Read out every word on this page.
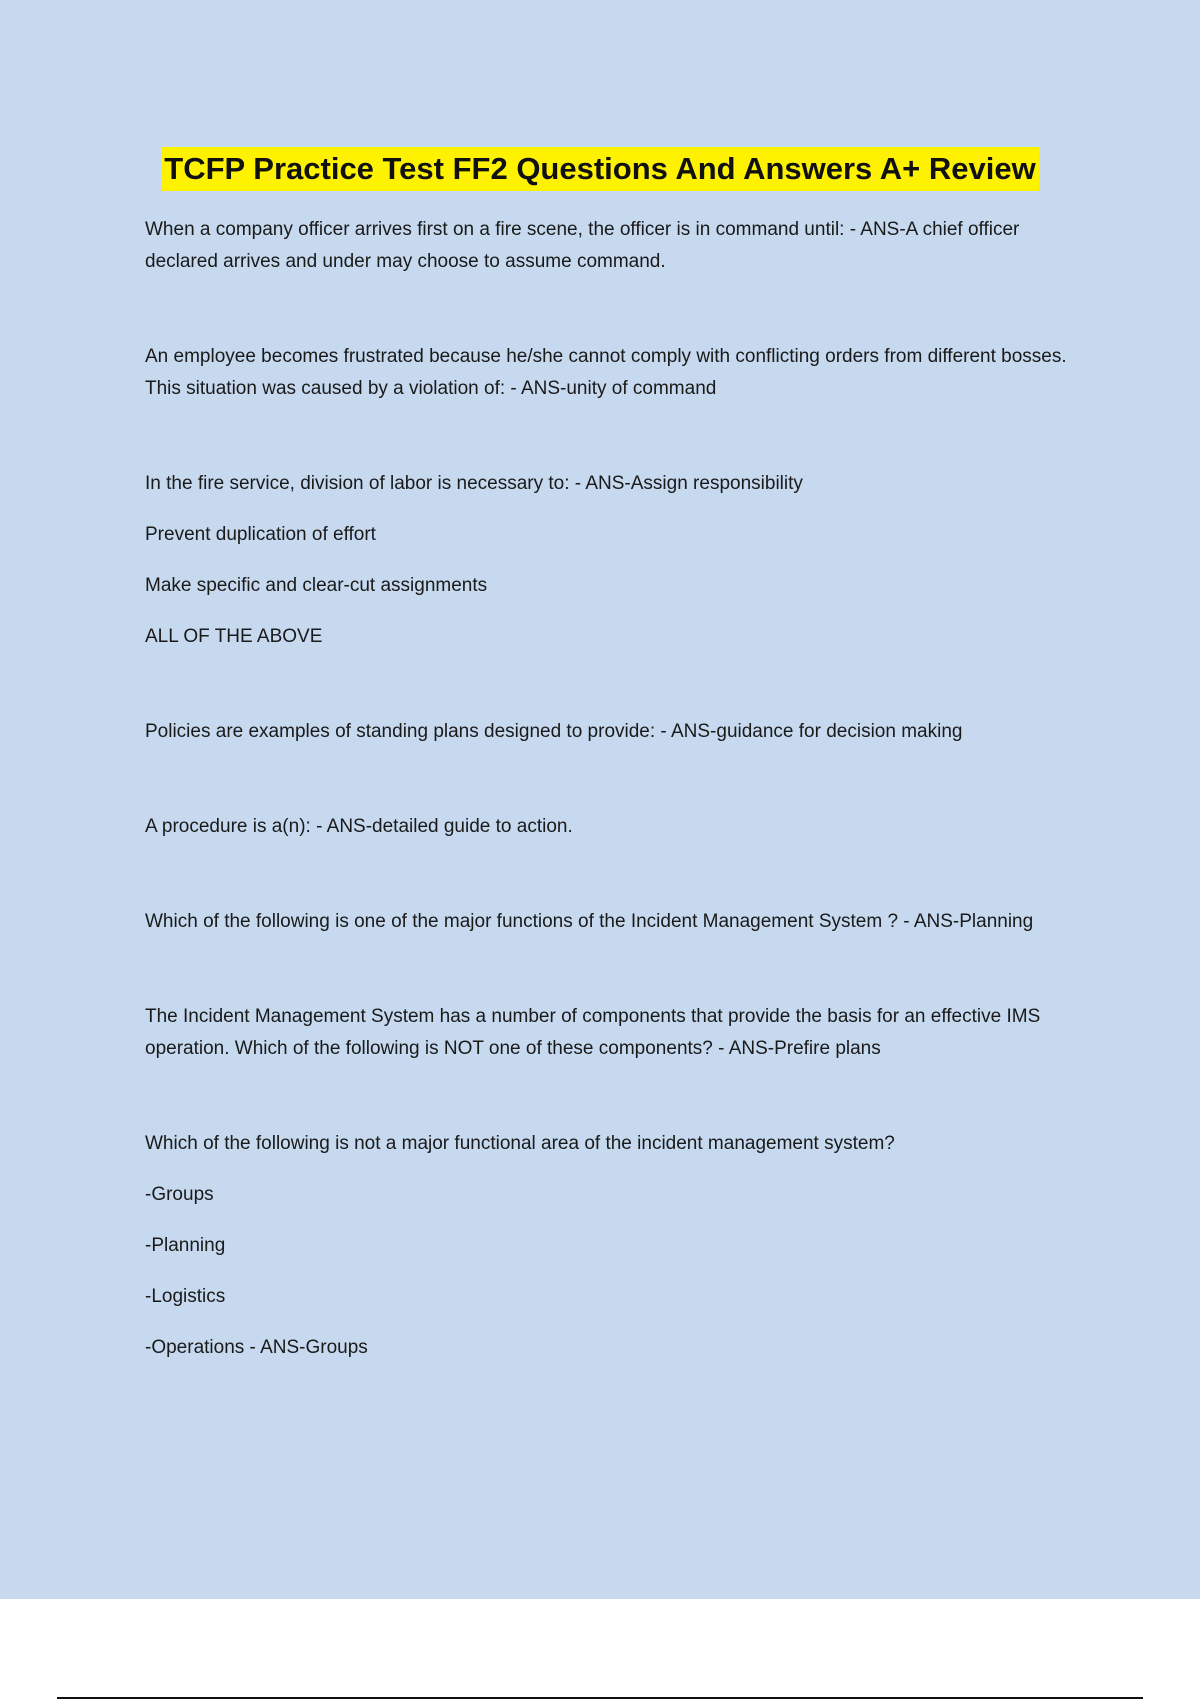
TCFP Practice Test FF2 Questions And Answers A+ Review

When a company officer arrives first on a fire scene, the officer is in command until: - ANS-A chief officer declared arrives and under may choose to assume command.

An employee becomes frustrated because he/she cannot comply with conflicting orders from different bosses. This situation was caused by a violation of: - ANS-unity of command

In the fire service, division of labor is necessary to: - ANS-Assign responsibility

Prevent duplication of effort

Make specific and clear-cut assignments

ALL OF THE ABOVE

Policies are examples of standing plans designed to provide: - ANS-guidance for decision making

A procedure is a(n): - ANS-detailed guide to action.

Which of the following is one of the major functions of the Incident Management System ? - ANS-Planning

The Incident Management System has a number of components that provide the basis for an effective IMS operation. Which of the following is NOT one of these components? - ANS-Prefire plans

Which of the following is not a major functional area of the incident management system?

-Groups

-Planning

-Logistics

-Operations - ANS-Groups
